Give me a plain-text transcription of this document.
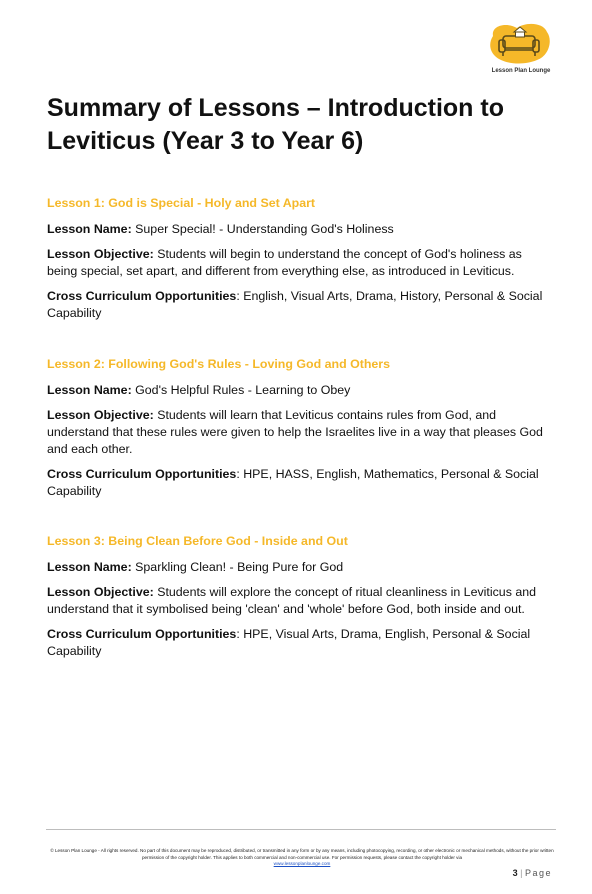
Lesson Plan Lounge
Summary of Lessons – Introduction to Leviticus (Year 3 to Year 6)
Lesson 1: God is Special - Holy and Set Apart

Lesson Name: Super Special! - Understanding God's Holiness

Lesson Objective: Students will begin to understand the concept of God's holiness as being special, set apart, and different from everything else, as introduced in Leviticus.

Cross Curriculum Opportunities: English, Visual Arts, Drama, History, Personal & Social Capability

Lesson 2: Following God's Rules - Loving God and Others

Lesson Name: God's Helpful Rules - Learning to Obey

Lesson Objective: Students will learn that Leviticus contains rules from God, and understand that these rules were given to help the Israelites live in a way that pleases God and each other.

Cross Curriculum Opportunities: HPE, HASS, English, Mathematics, Personal & Social Capability

Lesson 3: Being Clean Before God - Inside and Out

Lesson Name: Sparkling Clean! - Being Pure for God

Lesson Objective: Students will explore the concept of ritual cleanliness in Leviticus and understand that it symbolised being 'clean' and 'whole' before God, both inside and out.

Cross Curriculum Opportunities: HPE, Visual Arts, Drama, English, Personal & Social Capability

© Lesson Plan Lounge - All rights reserved. No part of this document may be reproduced, distributed, or transmitted in any form or by any means, including photocopying, recording, or other electronic or mechanical methods, without the prior written permission of the copyright holder. This applies to both commercial and non-commercial use. For permission requests, please contact the copyright holder via
www.lessonplanlounge.com
3 | Page
